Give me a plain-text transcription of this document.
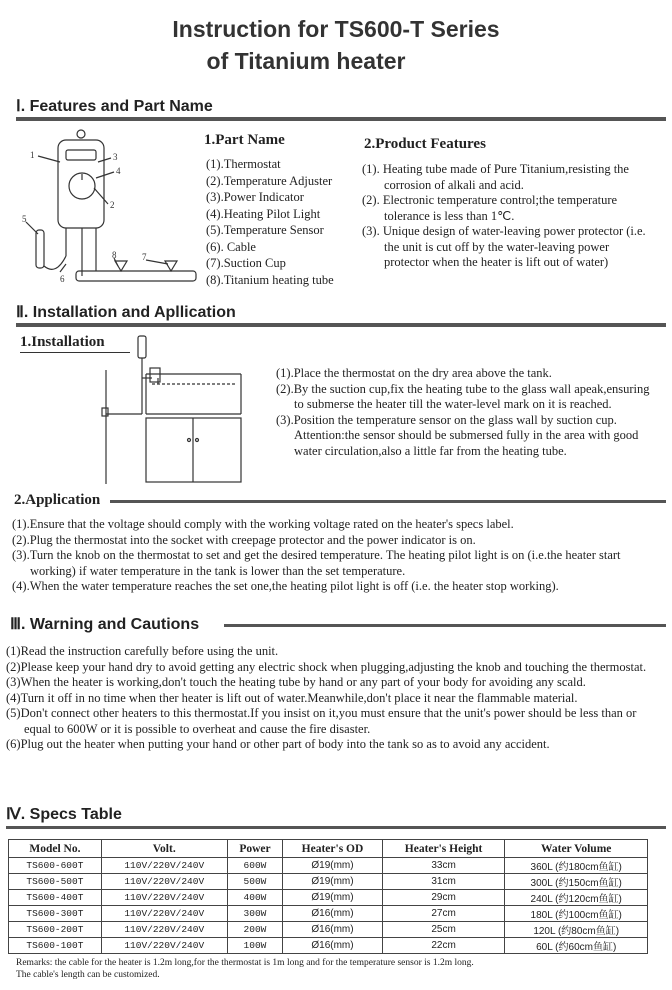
Instruction for TS600-T Series
of Titanium heater
Ⅰ. Features and Part Name
1
2
3
4
5
6
7
8
1.Part Name
(1).Thermostat
(2).Temperature Adjuster
(3).Power Indicator
(4).Heating Pilot Light
(5).Temperature Sensor
(6). Cable
(7).Suction Cup
(8).Titanium heating tube
2.Product Features

(1). Heating tube made of Pure Titanium,resisting the corrosion of alkali and acid.

(2). Electronic temperature control;the temperature tolerance is less than 1℃.

(3). Unique design of water-leaving power protector (i.e. the unit is cut off by the water-leaving power protector when the heater is lift out of water)

Ⅱ. Installation and Apllication
1.Installation

(1).Place the thermostat on the dry area above the tank.

(2).By the suction cup,fix the heating tube to the glass wall apeak,ensuring to submerse the heater till the water-level mark on it is reached.

(3).Position the temperature sensor on the glass wall by suction cup. Attention:the sensor should be submersed fully in the area with good water circulation,also a little far from the heating tube.

2.Application

(1).Ensure that the voltage should comply with the working voltage rated on the heater's specs label.

(2).Plug the thermostat into the socket with creepage protector and the power indicator is on.

(3).Turn the knob on the thermostat to set and get the desired temperature. The heating pilot light is on (i.e.the heater start working) if water temperature in the tank is lower than the set temperature.

(4).When the water temperature reaches the set one,the heating pilot light is off (i.e. the heater stop working).

Ⅲ. Warning and Cautions

(1)Read the instruction carefully before using the unit.

(2)Please keep your hand dry to avoid getting any electric shock when plugging,adjusting the knob and touching the thermostat.

(3)When the heater is working,don't touch the heating tube by hand or any part of your body for avoiding any scald.

(4)Turn it off in no time when ther heater is lift out of water.Meanwhile,don't place it near the flammable material.

(5)Don't connect other heaters to this thermostat.If you insist on it,you must ensure that the unit's power should be less than or equal to 600W or it is possible to overheat and cause the fire disaster.

(6)Plug out the heater when putting your hand or other part of body into the tank so as to avoid any accident.

Ⅳ. Specs Table
Model No.	Volt.	Power	Heater's OD	Heater's Height	Water Volume
TS600-600T	110V/220V/240V	600W	Ø19(mm)	33cm	360L (约180cm鱼缸)
TS600-500T	110V/220V/240V	500W	Ø19(mm)	31cm	300L (约150cm鱼缸)
TS600-400T	110V/220V/240V	400W	Ø19(mm)	29cm	240L (约120cm鱼缸)
TS600-300T	110V/220V/240V	300W	Ø16(mm)	27cm	180L (约100cm鱼缸)
TS600-200T	110V/220V/240V	200W	Ø16(mm)	25cm	120L (约80cm鱼缸)
TS600-100T	110V/220V/240V	100W	Ø16(mm)	22cm	60L (约60cm鱼缸)
Remarks: the cable for the heater is 1.2m long,for the thermostat is 1m long and for the temperature sensor is 1.2m long.
The cable's length can be customized.
